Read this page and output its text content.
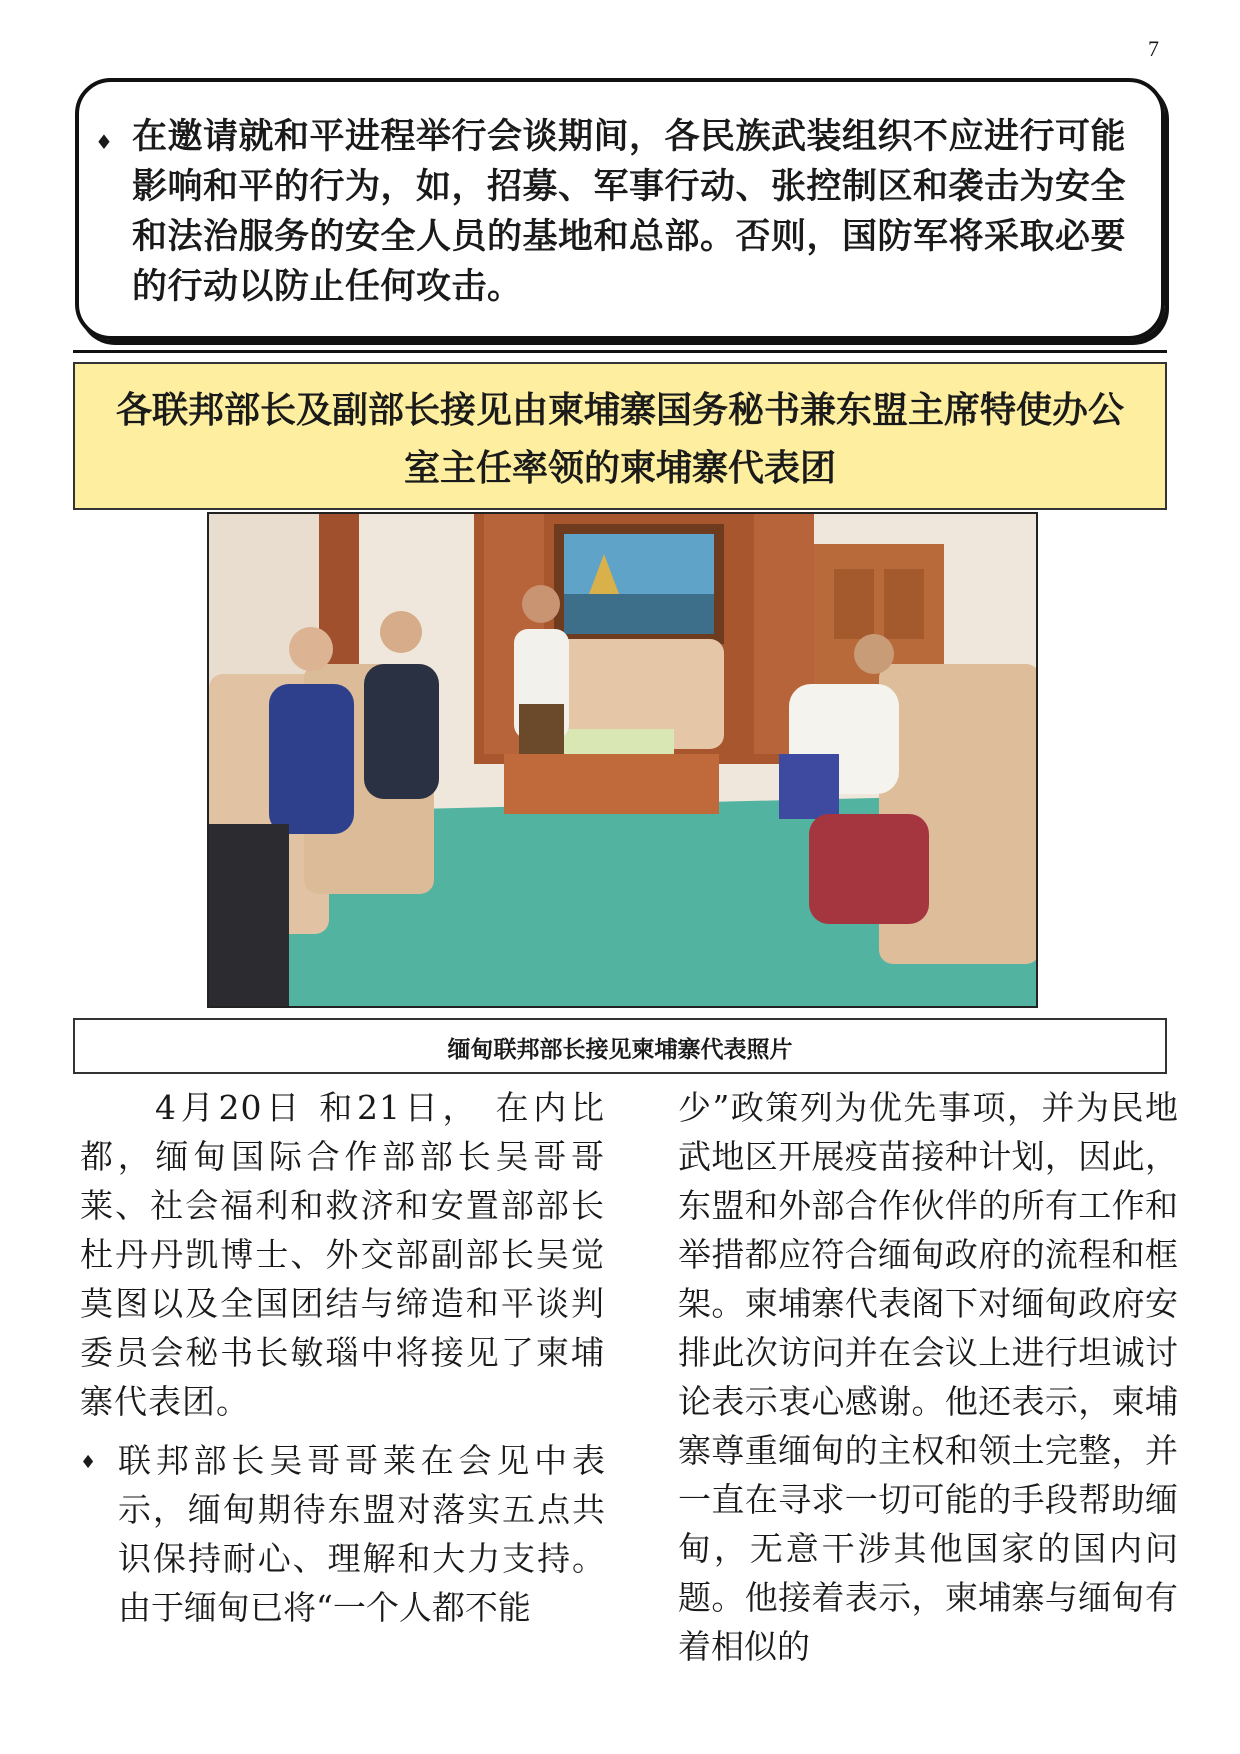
7
♦ 在邀请就和平进程举行会谈期间，各民族武装组织不应进行可能影响和平的行为，如，招募、军事行动、张控制区和袭击为安全和法治服务的安全人员的基地和总部。否则，国防军将采取必要的行动以防止任何攻击。
各联邦部长及副部长接见由柬埔寨国务秘书兼东盟主席特使办公
室主任率领的柬埔寨代表团
缅甸联邦部长接见柬埔寨代表照片

4月20日 和21日， 在内比都，缅甸国际合作部部长吴哥哥莱、社会福利和救济和安置部部长杜丹丹凯博士、外交部副部长吴觉莫图以及全国团结与缔造和平谈判委员会秘书长敏瑙中将接见了柬埔寨代表团。

♦ 联邦部长吴哥哥莱在会见中表示，缅甸期待东盟对落实五点共识保持耐心、理解和大力支持。由于缅甸已将“一个人都不能

少”政策列为优先事项，并为民地武地区开展疫苗接种计划，因此，东盟和外部合作伙伴的所有工作和举措都应符合缅甸政府的流程和框架。柬埔寨代表阁下对缅甸政府安排此次访问并在会议上进行坦诚讨论表示衷心感谢。他还表示，柬埔寨尊重缅甸的主权和领土完整，并一直在寻求一切可能的手段帮助缅甸，无意干涉其他国家的国内问题。他接着表示，柬埔寨与缅甸有着相似的
